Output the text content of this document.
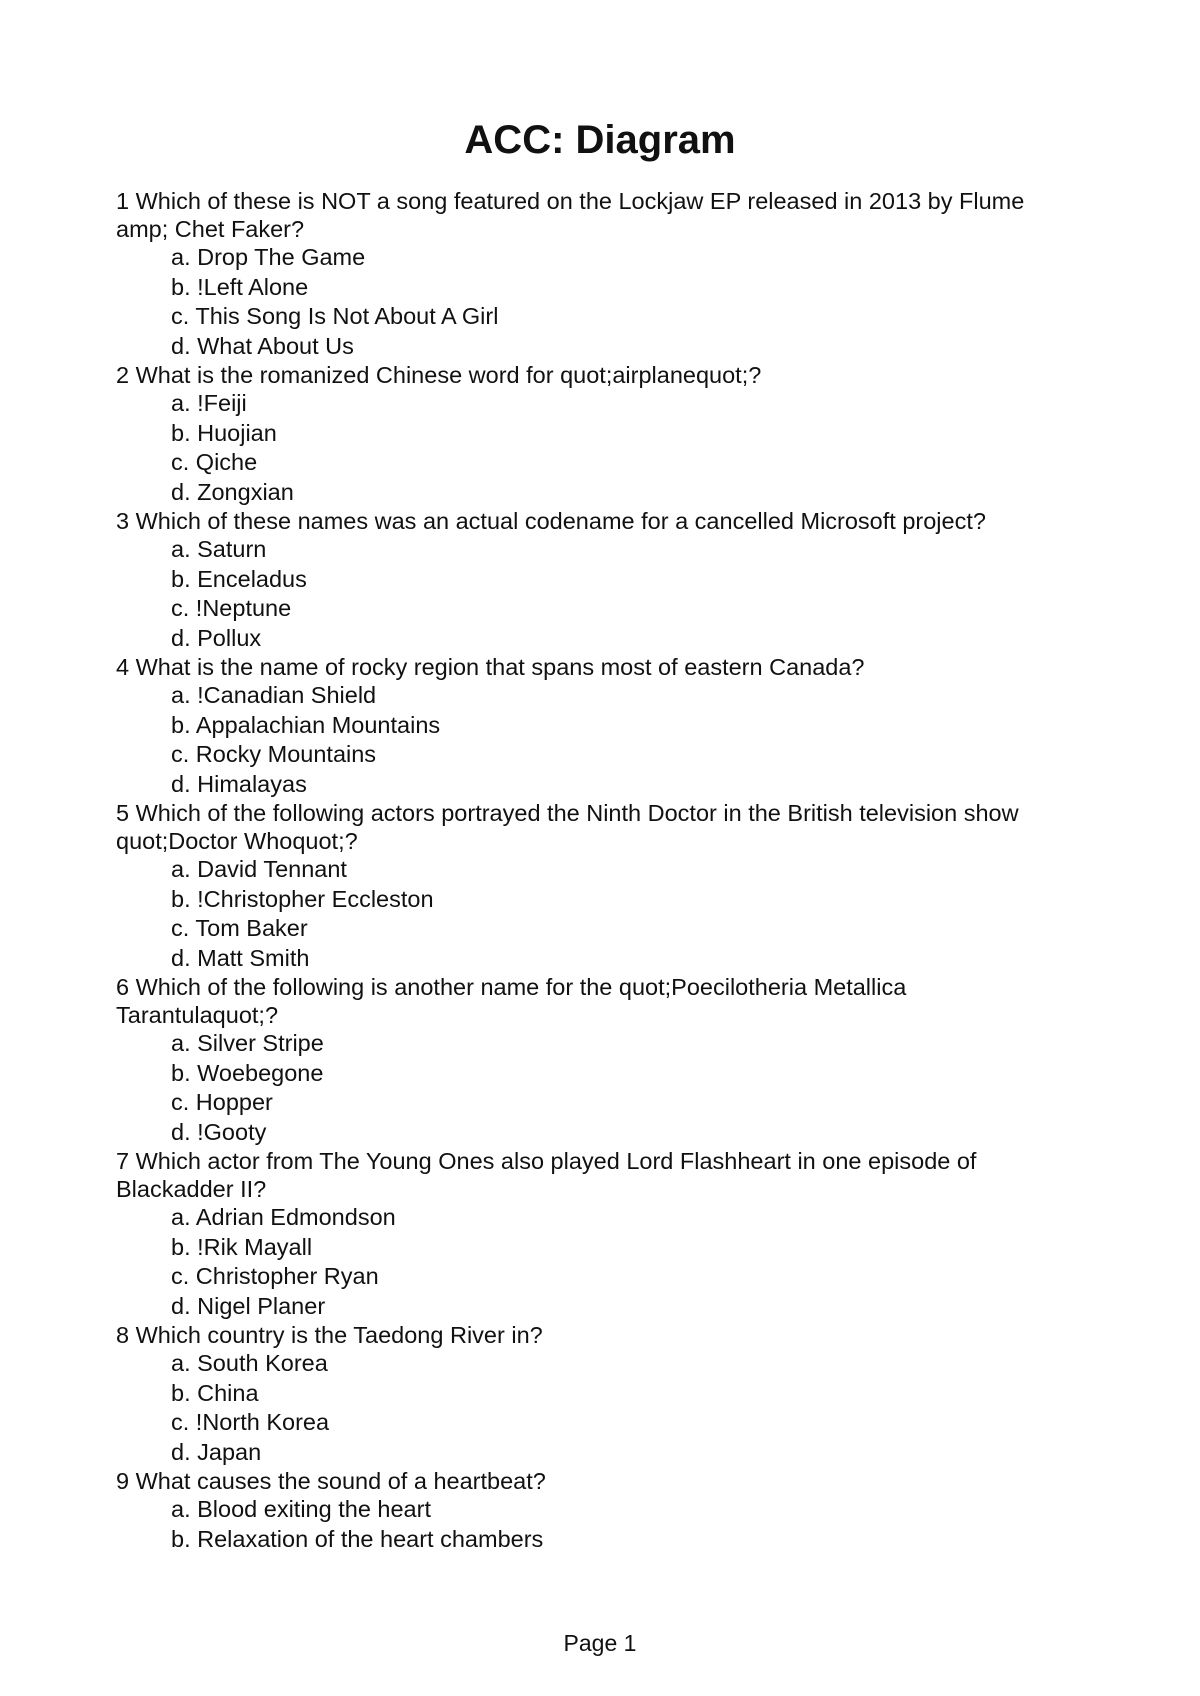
ACC: Diagram

1 Which of these is NOT a song featured on the Lockjaw EP released in 2013 by Flume amp; Chet Faker?

a. Drop The Game
b. !Left Alone
c. This Song Is Not About A Girl
d. What About Us

2 What is the romanized Chinese word for quot;airplanequot;?

a. !Feiji
b. Huojian
c. Qiche
d. Zongxian

3 Which of these names was an actual codename for a cancelled Microsoft project?

a. Saturn
b. Enceladus
c. !Neptune
d. Pollux

4 What is the name of rocky region that spans most of eastern Canada?

a. !Canadian Shield
b. Appalachian Mountains
c. Rocky Mountains
d. Himalayas

5 Which of the following actors portrayed the Ninth Doctor in the British television show quot;Doctor Whoquot;?

a. David Tennant
b. !Christopher Eccleston
c. Tom Baker
d. Matt Smith

6 Which of the following is another name for the quot;Poecilotheria Metallica Tarantulaquot;?

a. Silver Stripe
b. Woebegone
c. Hopper
d. !Gooty

7 Which actor from The Young Ones also played Lord Flashheart in one episode of Blackadder II?

a. Adrian Edmondson
b. !Rik Mayall
c. Christopher Ryan
d. Nigel Planer

8 Which country is the Taedong River in?

a. South Korea
b. China
c. !North Korea
d. Japan

9 What causes the sound of a heartbeat?

a. Blood exiting the heart
b. Relaxation of the heart chambers
Page 1
